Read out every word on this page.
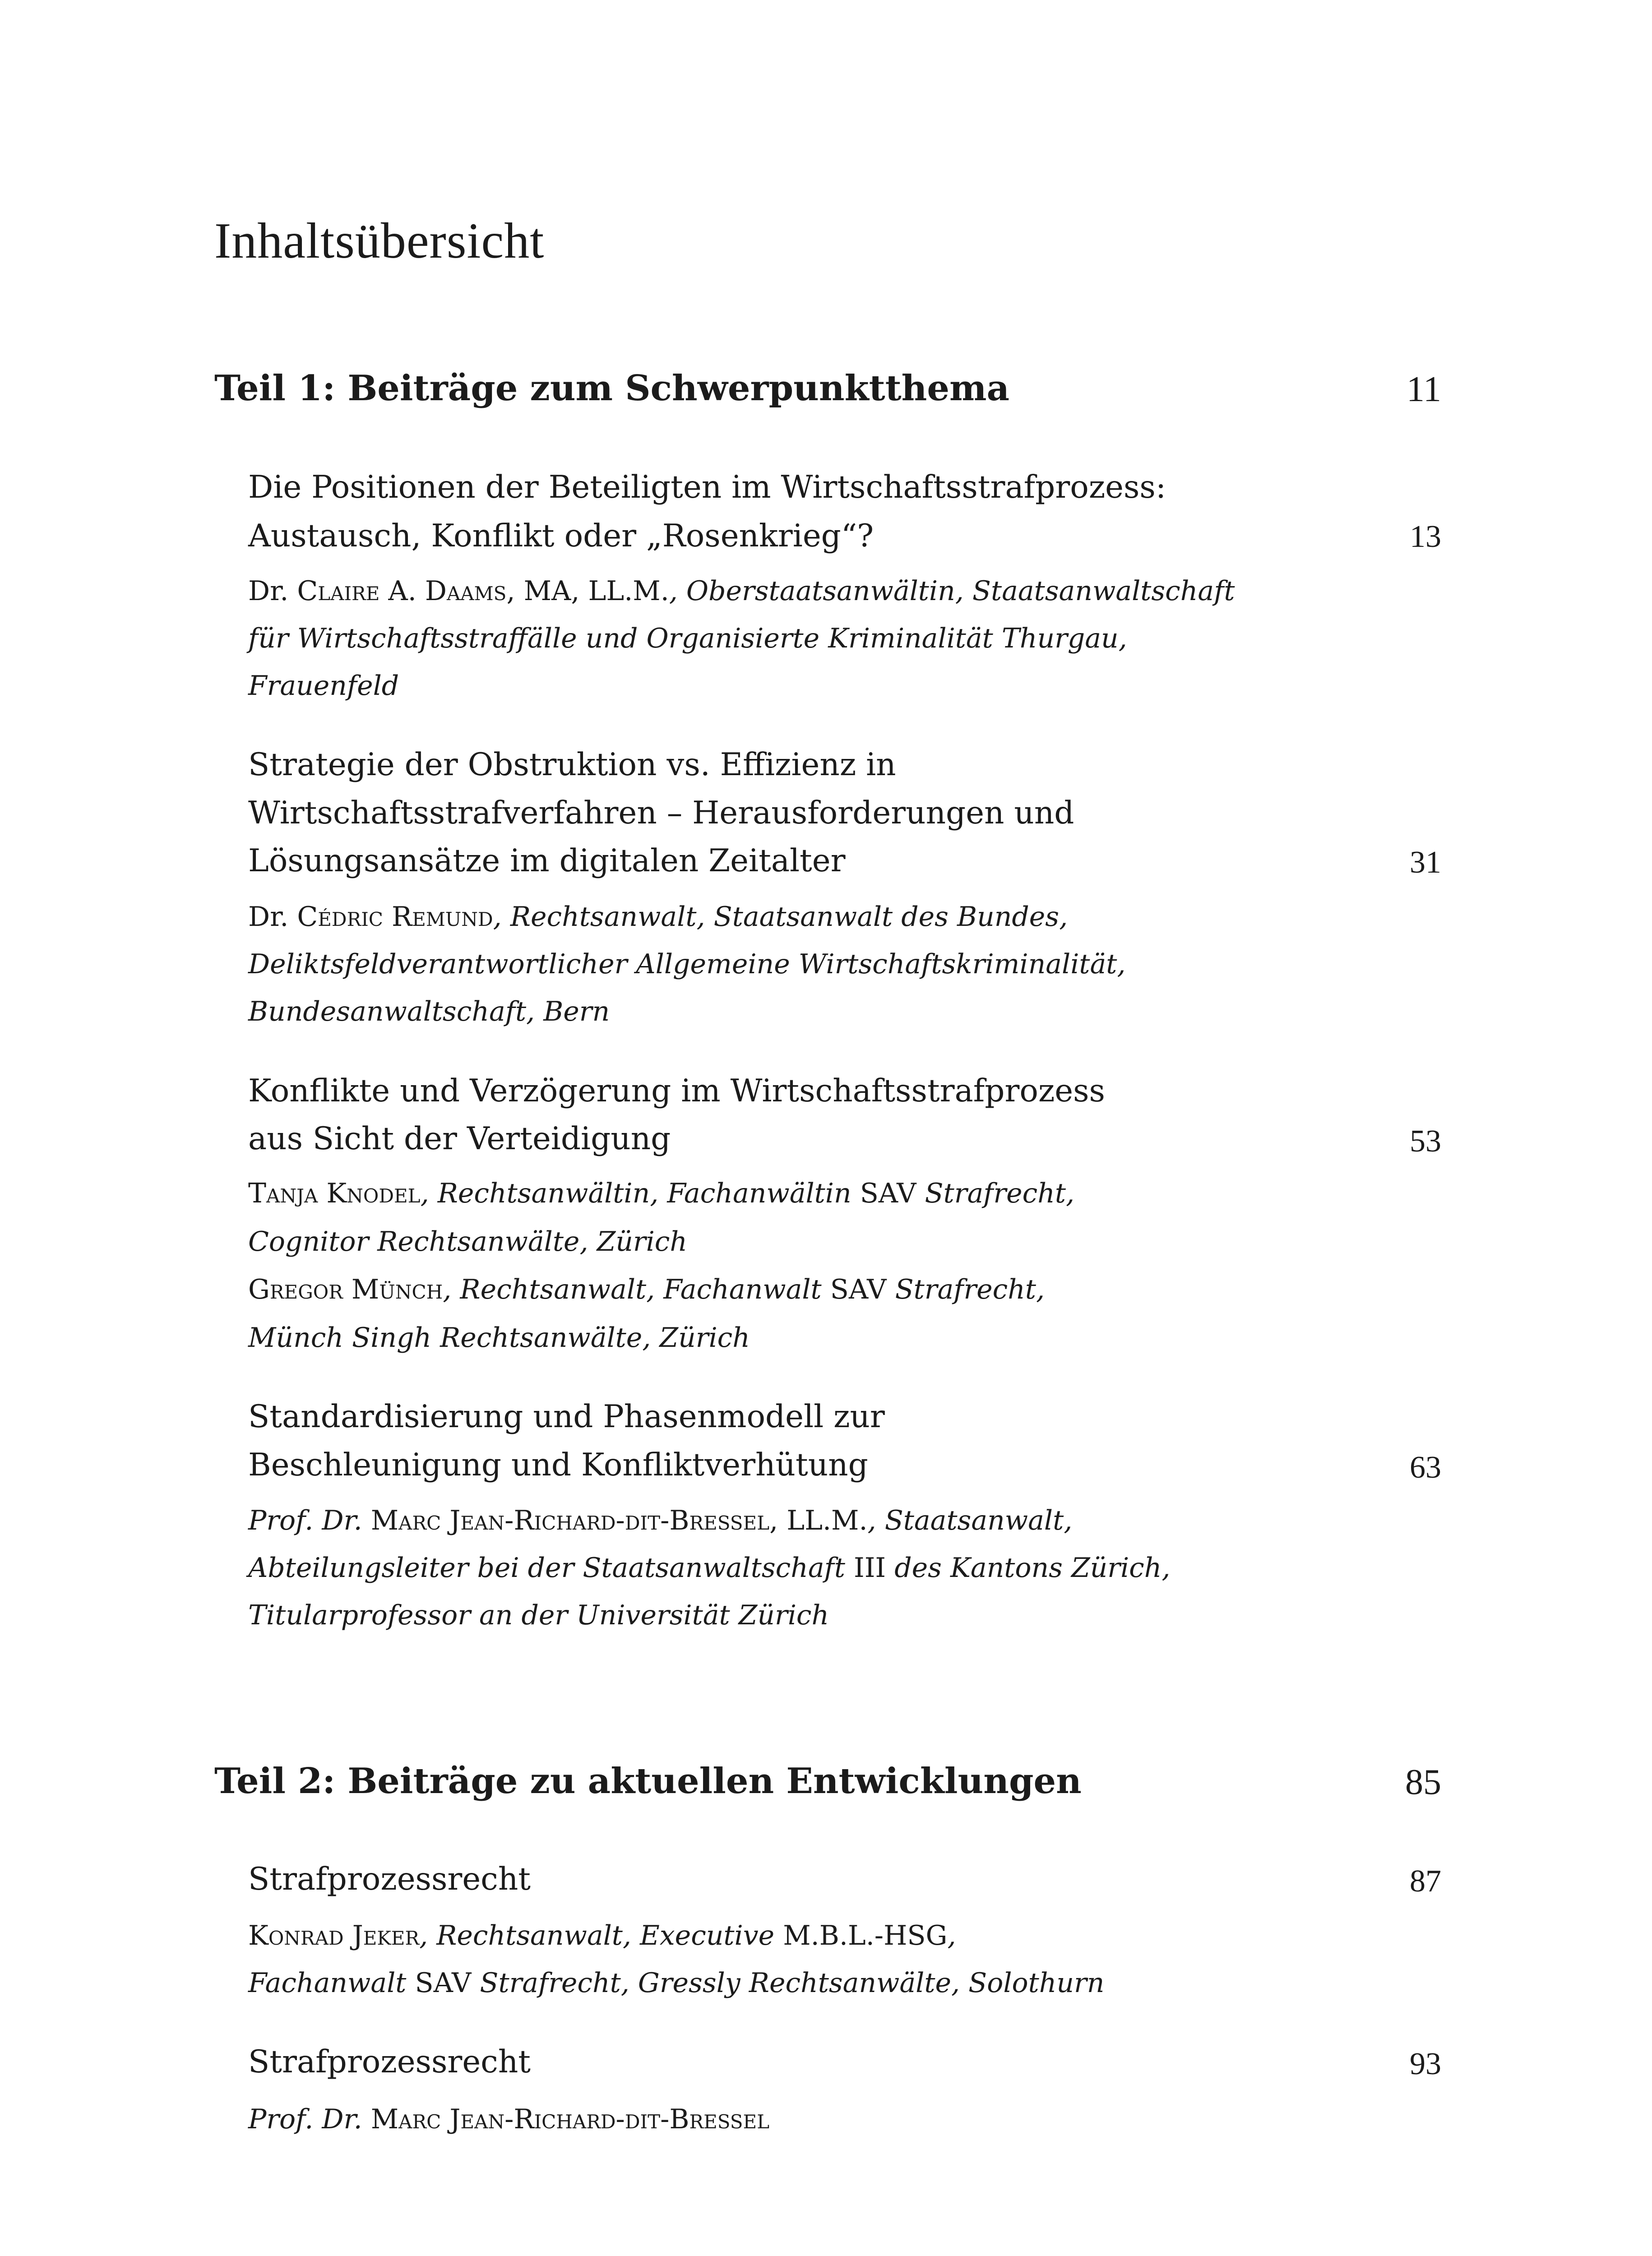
Inhaltsübersicht
Teil 1: Beiträge zum Schwerpunktthema	11
Die Positionen der Beteiligten im Wirtschaftsstrafprozess:
Austausch, Konflikt oder „Rosenkrieg“?	13
Dr. Claire A. Daams, MA, LL.M., Oberstaatsanwältin, Staatsanwaltschaft
für Wirtschaftsstraffälle und Organisierte Kriminalität Thurgau,
Frauenfeld
Strategie der Obstruktion vs. Effizienz in
Wirtschaftsstrafverfahren – Herausforderungen und
Lösungsansätze im digitalen Zeitalter	31
Dr. Cédric Remund, Rechtsanwalt, Staatsanwalt des Bundes,
Deliktsfeldverantwortlicher Allgemeine Wirtschaftskriminalität,
Bundesanwaltschaft, Bern
Konflikte und Verzögerung im Wirtschaftsstrafprozess
aus Sicht der Verteidigung	53
Tanja Knodel, Rechtsanwältin, Fachanwältin SAV Strafrecht,
Cognitor Rechtsanwälte, Zürich
Gregor Münch, Rechtsanwalt, Fachanwalt SAV Strafrecht,
Münch Singh Rechtsanwälte, Zürich
Standardisierung und Phasenmodell zur
Beschleunigung und Konfliktverhütung	63
Prof. Dr. Marc Jean-Richard-dit-Bressel, LL.M., Staatsanwalt,
Abteilungsleiter bei der Staatsanwaltschaft III des Kantons Zürich,
Titularprofessor an der Universität Zürich
Teil 2: Beiträge zu aktuellen Entwicklungen	85
Strafprozessrecht	87
Konrad Jeker, Rechtsanwalt, Executive M.B.L.-HSG,
Fachanwalt SAV Strafrecht, Gressly Rechtsanwälte, Solothurn
Strafprozessrecht	93
Prof. Dr. Marc Jean-Richard-dit-Bressel
